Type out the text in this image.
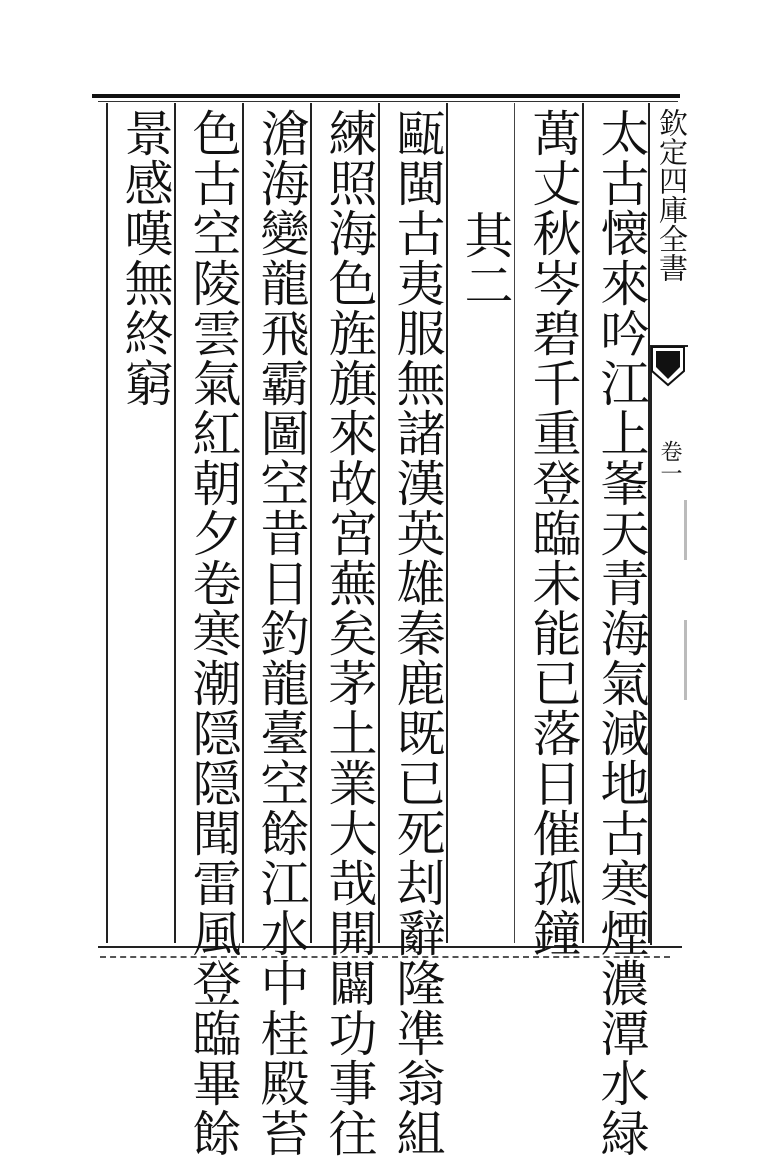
欽定四庫全書
卷一
太古懐來吟江上峯天青海氣減地古寒煙濃潭水緑
萬丈秋岑碧千重登臨未能已落日催孤鐘
其二
甌閩古夷服無諸漢英雄秦鹿既已死刦辭隆凖翁組
練照海色旌旗來故宮蕪矣茅土業大哉開闢功事往
滄海變龍飛霸圖空昔日釣龍臺空餘江水中桂殿苔
色古空陵雲氣紅朝夕卷寒潮隠隠聞雷風登臨畢餘
景感嘆無終窮
